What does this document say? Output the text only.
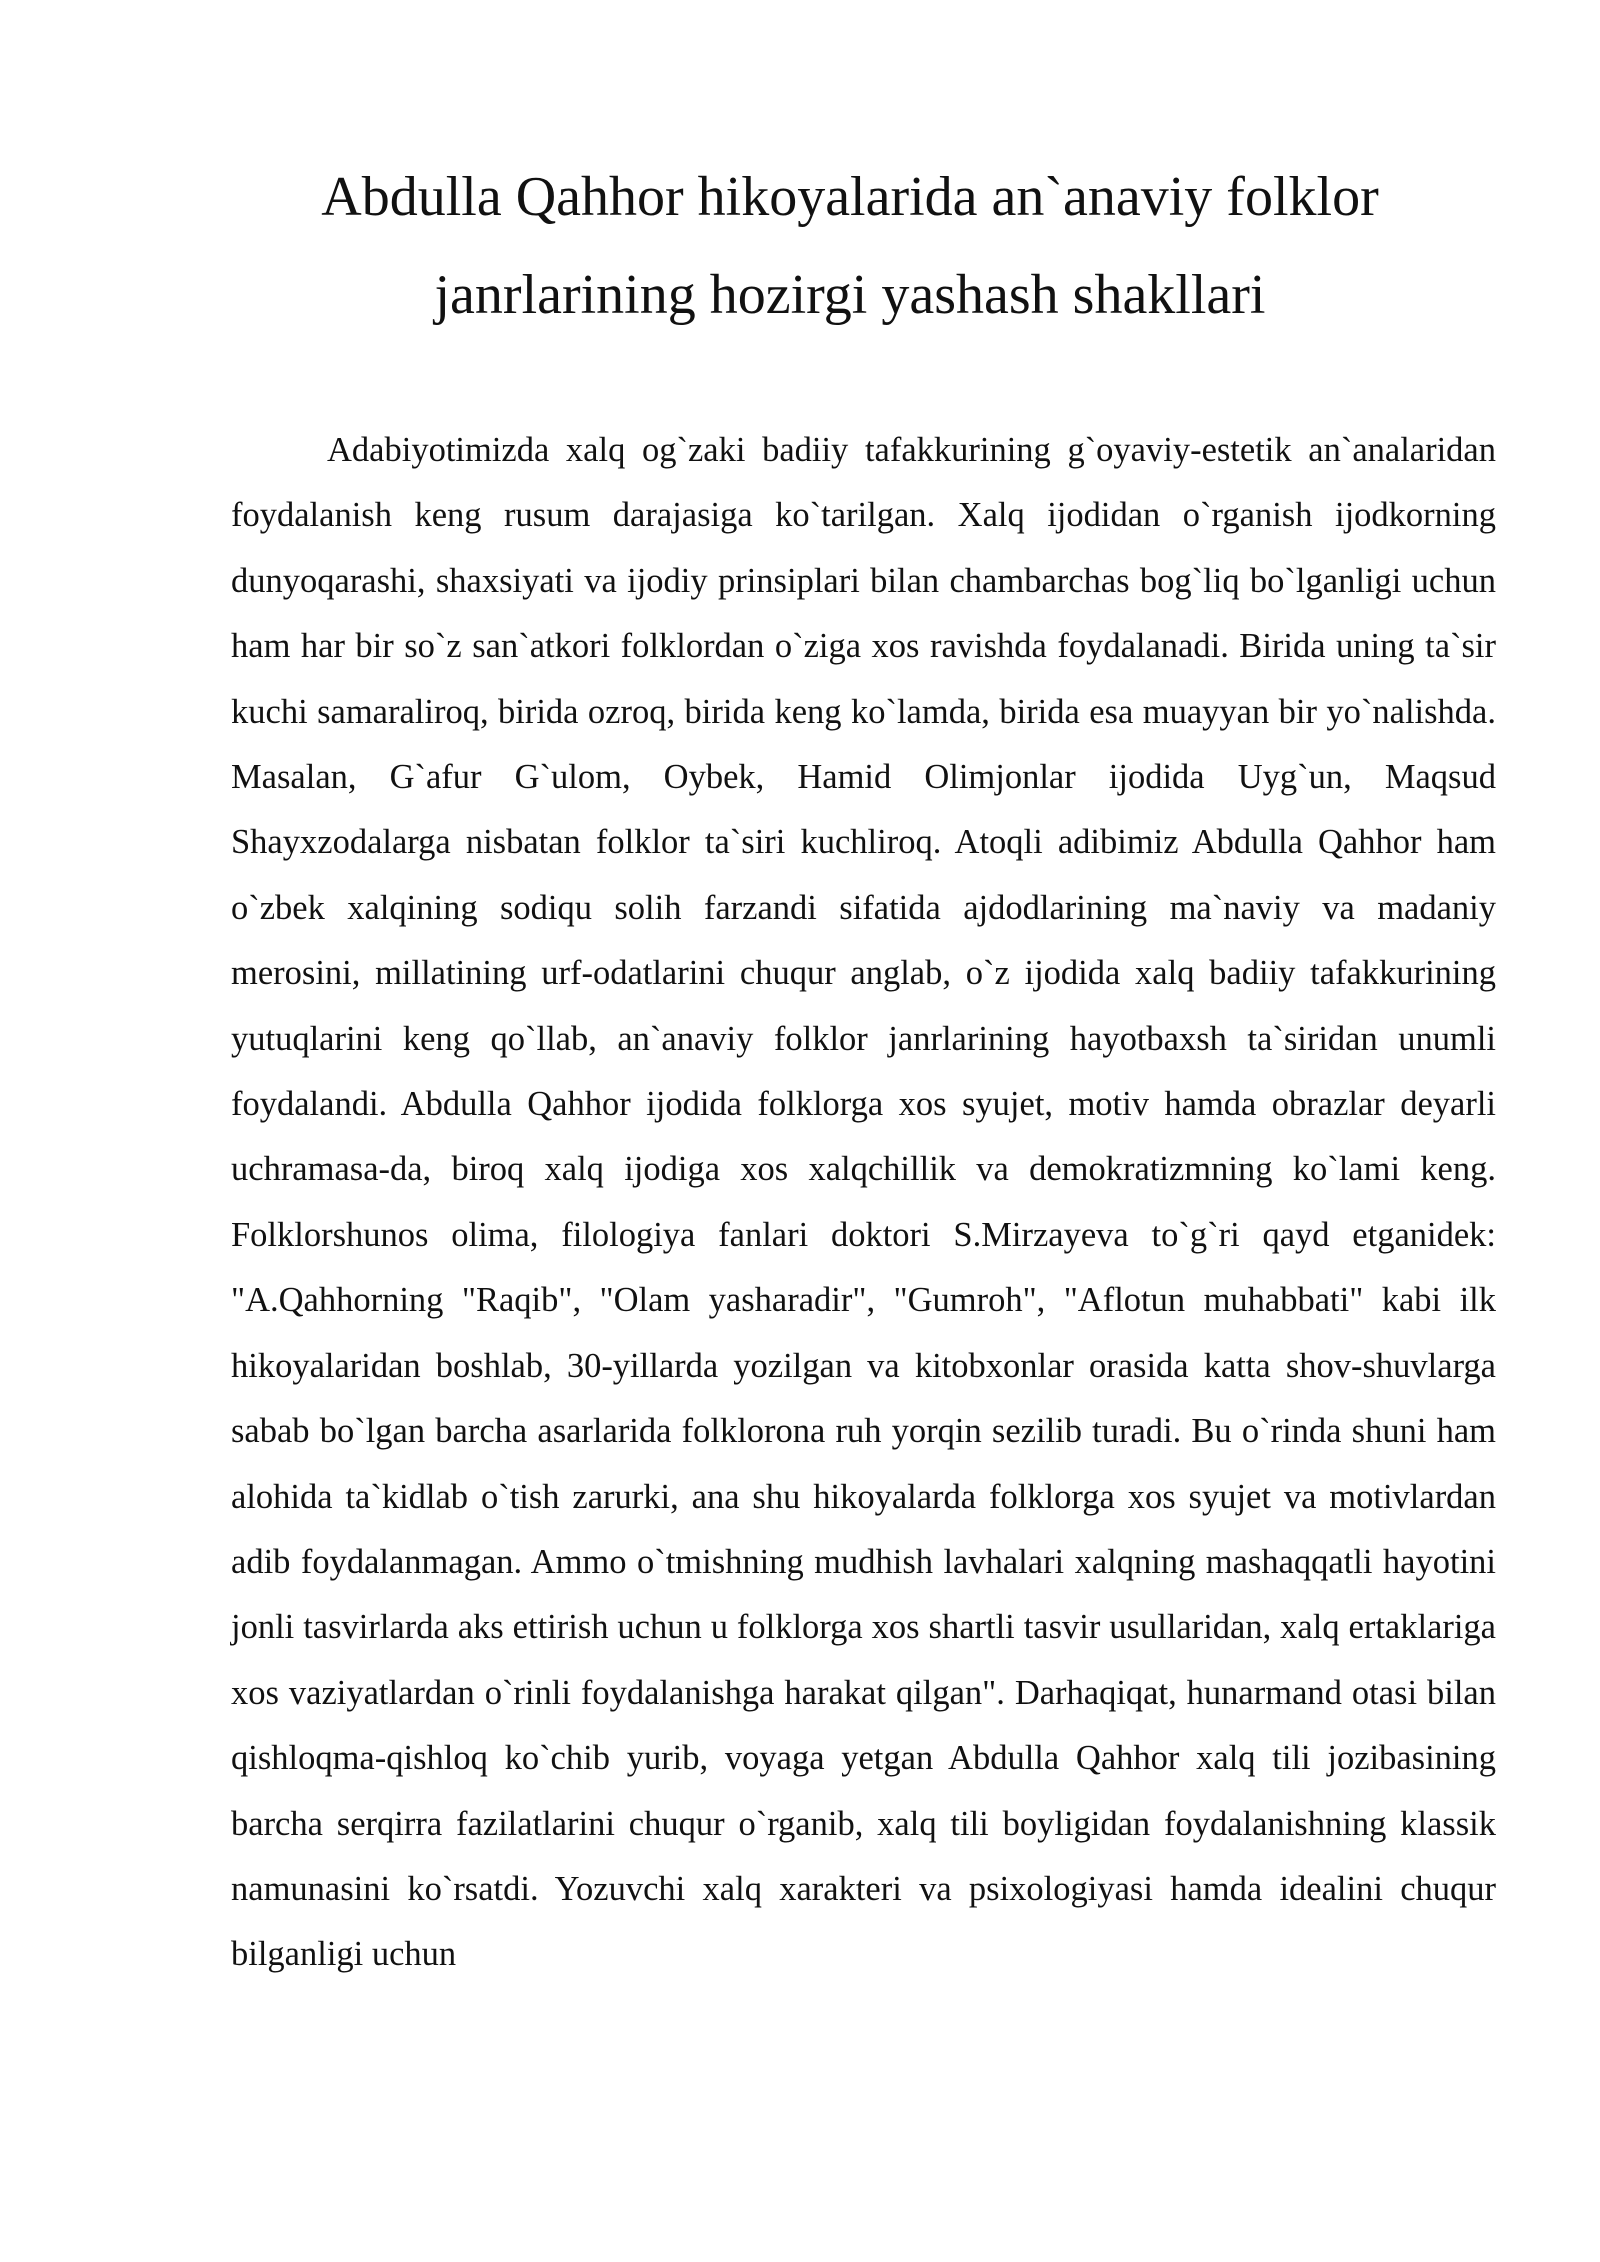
Abdulla Qahhor hikoyalarida an`anaviy folklor
janrlarining hozirgi yashash shakllari

Adabiyotimizda xalq og`zaki badiiy tafakkurining g`oyaviy-estetik an`analaridan foydalanish keng rusum darajasiga ko`tarilgan. Xalq ijodidan o`rganish ijodkorning dunyoqarashi, shaxsiyati va ijodiy prinsiplari bilan chambarchas bog`liq bo`lganligi uchun ham har bir so`z san`atkori folklordan o`ziga xos ravishda foydalanadi. Birida uning ta`sir kuchi samaraliroq, birida ozroq, birida keng ko`lamda, birida esa muayyan bir yo`nalishda. Masalan, G`afur G`ulom, Oybek, Hamid Olimjonlar ijodida Uyg`un, Maqsud Shayxzodalarga nisbatan folklor ta`siri kuchliroq. Atoqli adibimiz Abdulla Qahhor ham o`zbek xalqining sodiqu solih farzandi sifatida ajdodlarining ma`naviy va madaniy merosini, millatining urf-odatlarini chuqur anglab, o`z ijodida xalq badiiy tafakkurining yutuqlarini keng qo`llab, an`anaviy folklor janrlarining hayotbaxsh ta`siridan unumli foydalandi. Abdulla Qahhor ijodida folklorga xos syujet, motiv hamda obrazlar deyarli uchramasa-da, biroq xalq ijodiga xos xalqchillik va demokratizmning ko`lami keng. Folklorshunos olima, filologiya fanlari doktori S.Mirzayeva to`g`ri qayd etganidek: "A.Qahhorning "Raqib", "Olam yasharadir", "Gumroh", "Aflotun muhabbati" kabi ilk hikoyalaridan boshlab, 30-yillarda yozilgan va kitobxonlar orasida katta shov-shuvlarga sabab bo`lgan barcha asarlarida folklorona ruh yorqin sezilib turadi. Bu o`rinda shuni ham alohida ta`kidlab o`tish zarurki, ana shu hikoyalarda folklorga xos syujet va motivlardan adib foydalanmagan. Ammo o`tmishning mudhish lavhalari xalqning mashaqqatli hayotini jonli tasvirlarda aks ettirish uchun u folklorga xos shartli tasvir usullaridan, xalq ertaklariga xos vaziyatlardan o`rinli foydalanishga harakat qilgan". Darhaqiqat, hunarmand otasi bilan qishloqma-qishloq ko`chib yurib, voyaga yetgan Abdulla Qahhor xalq tili jozibasining barcha serqirra fazilatlarini chuqur o`rganib, xalq tili boyligidan foydalanishning klassik namunasini ko`rsatdi. Yozuvchi xalq xarakteri va psixologiyasi hamda idealini chuqur bilganligi uchun
